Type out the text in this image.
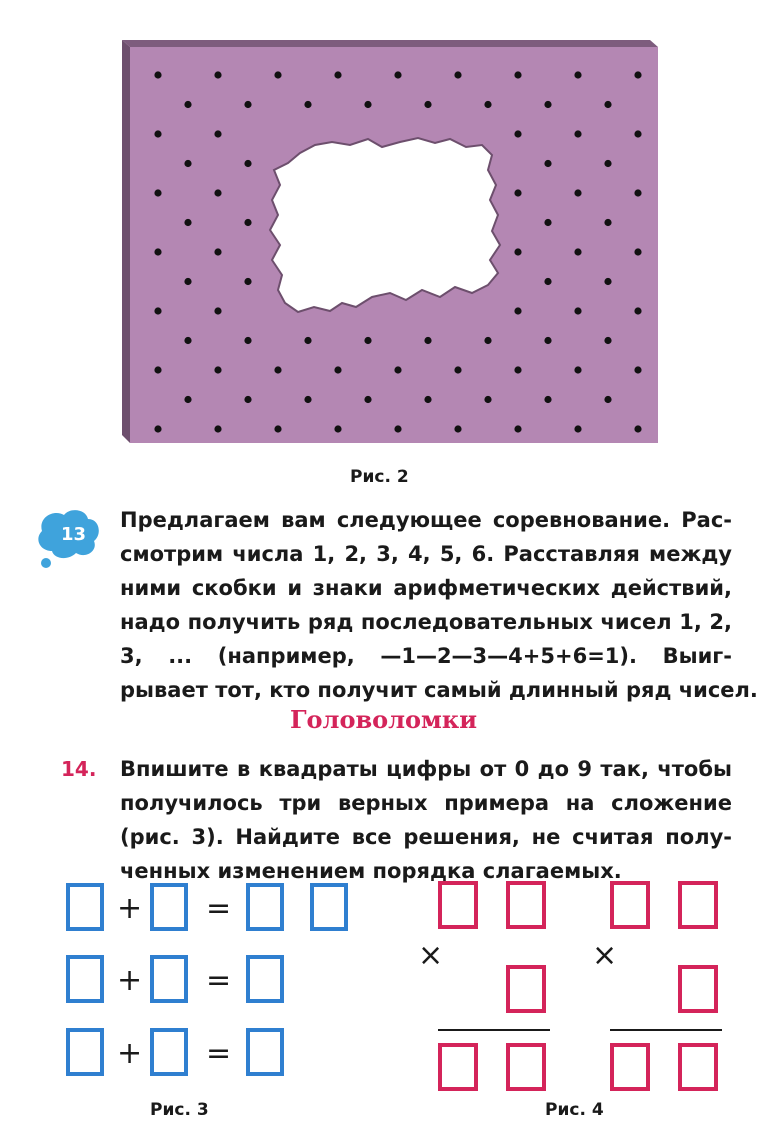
Рис. 2
13
Предлагаем вам следующее соревнование. Рас-
смотрим числа 1, 2, 3, 4, 5, 6. Расставляя между
ними скобки и знаки арифметических действий,
надо получить ряд последовательных чисел 1, 2,
3, ... (например, —1—2—3—4+5+6=1). Выиг-
рывает тот, кто получит самый длинный ряд чисел.
Головоломки
14. Впишите в квадраты цифры от 0 до 9 так, чтобы
получилось три верных примера на сложение
(рис. 3). Найдите все решения, не считая полу-
ченных изменением порядка слагаемых.
+ =
+ =
+ =
Рис. 3
×	×
Рис. 4
